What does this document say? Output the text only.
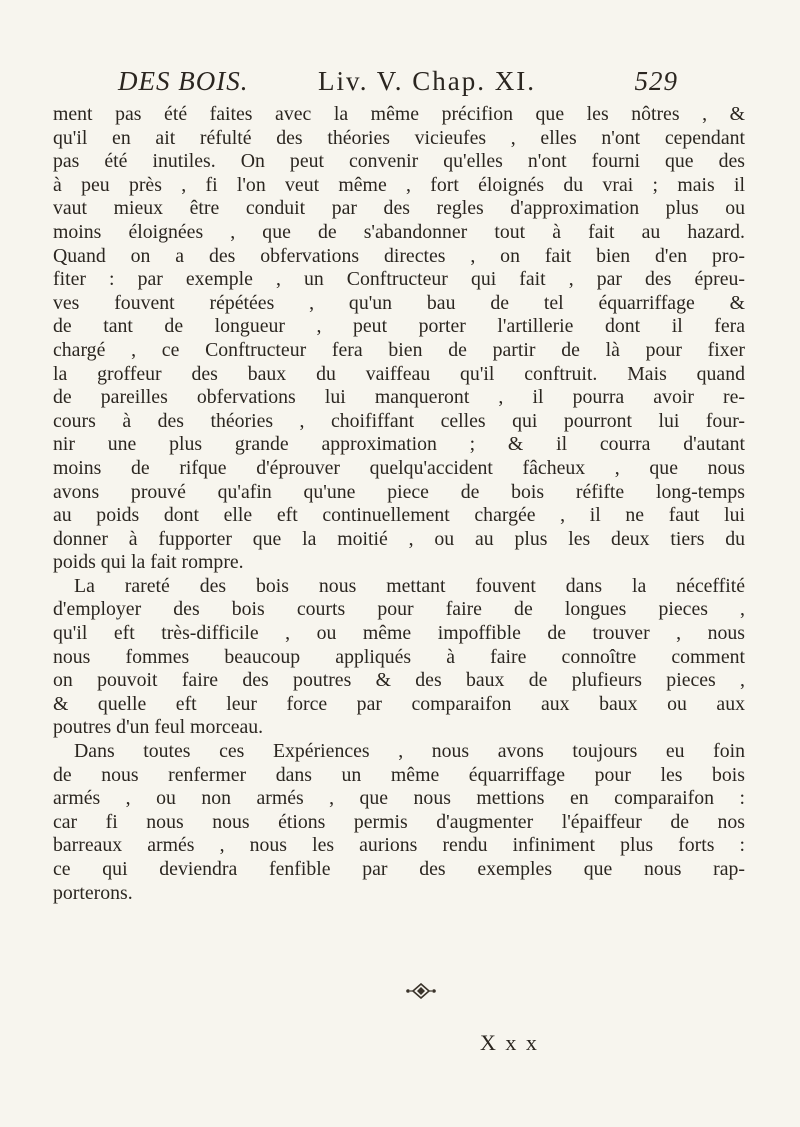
DES BOIS.	Liv. V. Chap. XI.	529
ment pas été faites avec la même précifion que les nôtres , &
qu'il en ait réfulté des théories vicieufes , elles n'ont cependant
pas été inutiles. On peut convenir qu'elles n'ont fourni que des
à peu près , fi l'on veut même , fort éloignés du vrai ; mais il
vaut mieux être conduit par des regles d'approximation plus ou
moins éloignées , que de s'abandonner tout à fait au hazard.
Quand on a des obfervations directes , on fait bien d'en pro-
fiter : par exemple , un Conftructeur qui fait , par des épreu-
ves fouvent répétées , qu'un bau de tel équarriffage &
de tant de longueur , peut porter l'artillerie dont il fera
chargé , ce Conftructeur fera bien de partir de là pour fixer
la groffeur des baux du vaiffeau qu'il conftruit. Mais quand
de pareilles obfervations lui manqueront , il pourra avoir re-
cours à des théories , choififfant celles qui pourront lui four-
nir une plus grande approximation ; & il courra d'autant
moins de rifque d'éprouver quelqu'accident fâcheux , que nous
avons prouvé qu'afin qu'une piece de bois réfifte long-temps
au poids dont elle eft continuellement chargée , il ne faut lui
donner à fupporter que la moitié , ou au plus les deux tiers du
poids qui la fait rompre.
La rareté des bois nous mettant fouvent dans la néceffité
d'employer des bois courts pour faire de longues pieces ,
qu'il eft très-difficile , ou même impoffible de trouver , nous
nous fommes beaucoup appliqués à faire connoître comment
on pouvoit faire des poutres & des baux de plufieurs pieces ,
& quelle eft leur force par comparaifon aux baux ou aux
poutres d'un feul morceau.
Dans toutes ces Expériences , nous avons toujours eu foin
de nous renfermer dans un même équarriffage pour les bois
armés , ou non armés , que nous mettions en comparaifon :
car fi nous nous étions permis d'augmenter l'épaiffeur de nos
barreaux armés , nous les aurions rendu infiniment plus forts :
ce qui deviendra fenfible par des exemples que nous rap-
porterons.
X x x
